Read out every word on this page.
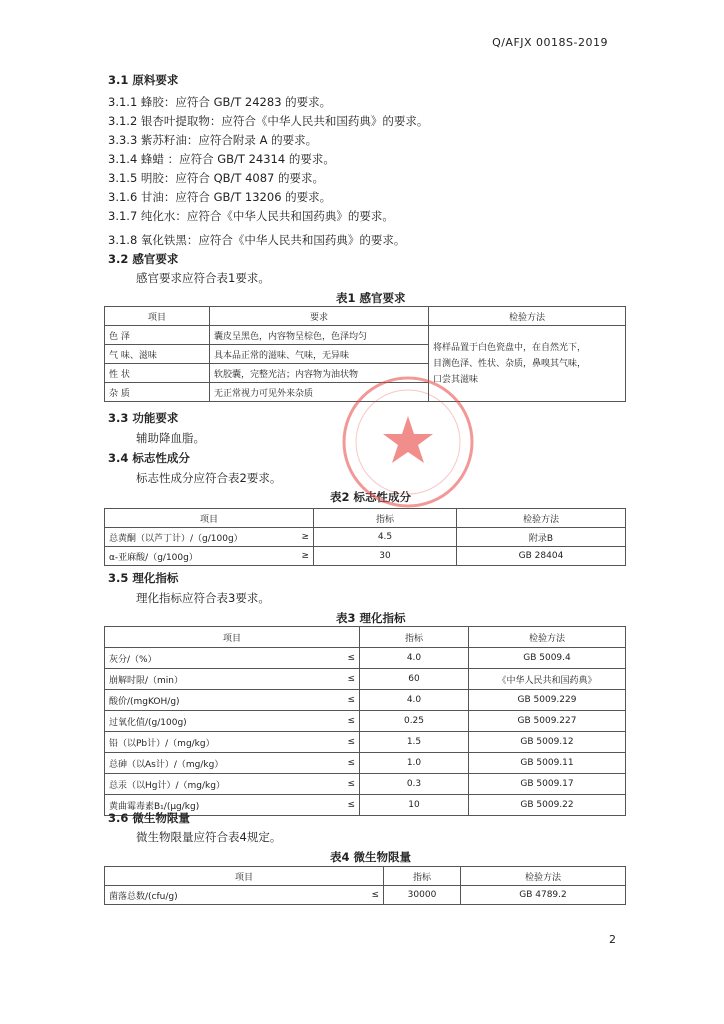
Q/AFJX 0018S-2019
3.1 原料要求
3.1.1 蜂胶：应符合 GB/T 24283 的要求。
3.1.2 银杏叶提取物：应符合《中华人民共和国药典》的要求。
3.3.3 紫苏籽油：应符合附录 A 的要求。
3.1.4 蜂蜡 ：应符合 GB/T 24314 的要求。
3.1.5 明胶：应符合 QB/T 4087 的要求。
3.1.6 甘油：应符合 GB/T 13206 的要求。
3.1.7 纯化水：应符合《中华人民共和国药典》的要求。
3.1.8 氧化铁黑：应符合《中华人民共和国药典》的要求。
3.2 感官要求
感官要求应符合表1要求。
表1 感官要求
项目	要求	检验方法
色 泽	囊皮呈黑色，内容物呈棕色，色泽均匀	将样品置于白色瓷盘中，在自然光下，
目测色泽、性状、杂质，鼻嗅其气味，
口尝其滋味

气 味、滋味	具本品正常的滋味、气味，无异味	
性 状	软胶囊，完整光洁；内容物为油状物	
杂 质	无正常视力可见外来杂质	
3.3 功能要求
辅助降血脂。
3.4 标志性成分
标志性成分应符合表2要求。
表2 标志性成分
项目		指标	检验方法
总黄酮（以芦丁计）/（g/100g）	≥	4.5	附录B
α-亚麻酸/（g/100g）	≥	30	GB 28404
3.5 理化指标
理化指标应符合表3要求。
表3 理化指标
项目		指标	检验方法
灰分/（%）	≤	4.0	GB 5009.4
崩解时限/（min）	≤	60	《中华人民共和国药典》
酸价/(mgKOH/g)	≤	4.0	GB 5009.229
过氧化值/(g/100g)	≤	0.25	GB 5009.227
铅（以Pb计）/（mg/kg）	≤	1.5	GB 5009.12
总砷（以As计）/（mg/kg）	≤	1.0	GB 5009.11
总汞（以Hg计）/（mg/kg）	≤	0.3	GB 5009.17
黄曲霉毒素B₁/(μg/kg)	≤	10	GB 5009.22
3.6 微生物限量
微生物限量应符合表4规定。
表4 微生物限量
项目		指标	检验方法
菌落总数/(cfu/g)	≤	30000	GB 4789.2
2
